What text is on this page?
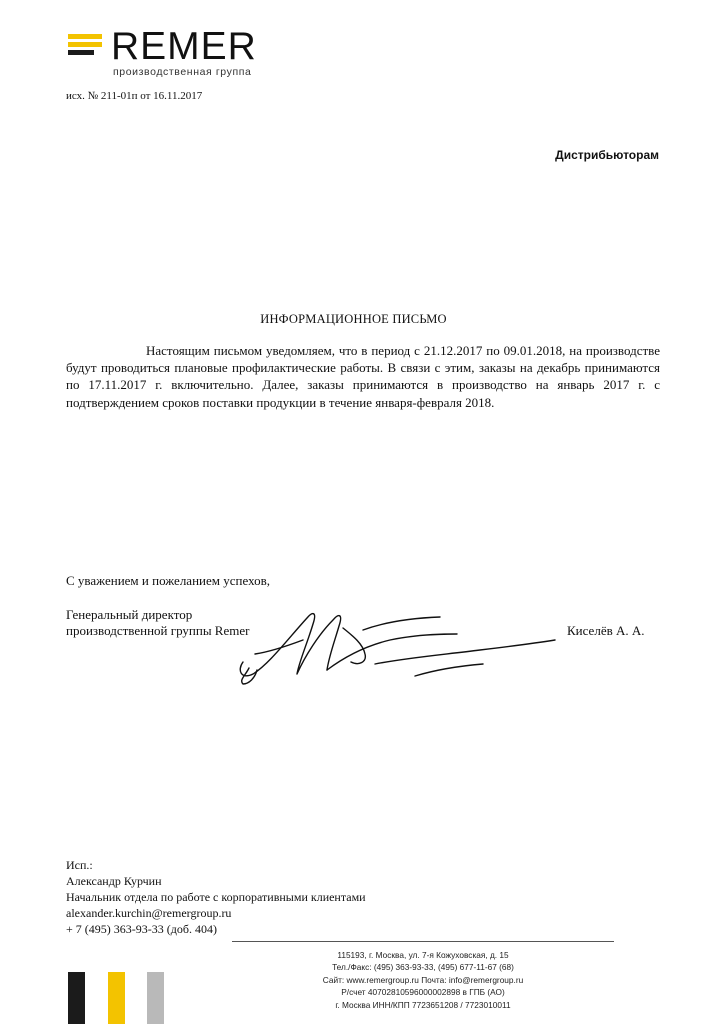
REMER
производственная группа
исх. № 211-01п от 16.11.2017
Дистрибьюторам
ИНФОРМАЦИОННОЕ ПИСЬМО
Настоящим письмом уведомляем, что в период с 21.12.2017 по 09.01.2018, на производстве будут проводиться плановые профилактические работы. В связи с этим, заказы на декабрь принимаются по 17.11.2017 г. включительно. Далее, заказы принимаются в производство на январь 2017 г. с подтверждением сроков поставки продукции в течение января-февраля 2018.
С уважением и пожеланием успехов,
Генеральный директор
производственной группы Remer	Киселёв А. А.
Исп.:
Александр Курчин
Начальник отдела по работе с корпоративными клиентами
alexander.kurchin@remergroup.ru
+ 7 (495) 363-93-33 (доб. 404)
115193, г. Москва, ул. 7-я Кожуховская, д. 15
Тел./Факс: (495) 363-93-33, (495) 677-11-67 (68)
Сайт: www.remergroup.ru Почта: info@remergroup.ru
Р/счет 40702810596000002898 в ГПБ (АО)
г. Москва ИНН/КПП 7723651208 / 7723010011
